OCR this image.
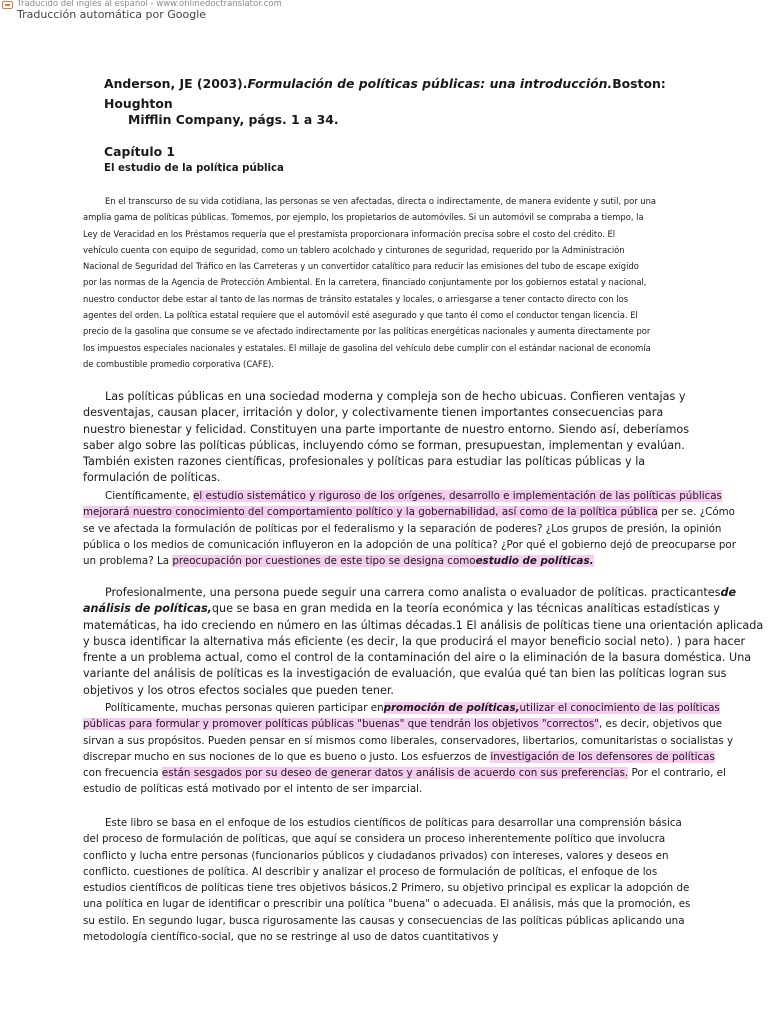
Traducido del inglés al español - www.onlinedoctranslator.com
Traducción automática por Google
Anderson, JE (2003).Formulación de políticas públicas: una introducción.Boston: Houghton
Mifflin Company, págs. 1 a 34.
Capítulo 1
El estudio de la política pública
En el transcurso de su vida cotidiana, las personas se ven afectadas, directa o indirectamente, de manera evidente y sutil, por una
amplia gama de políticas públicas. Tomemos, por ejemplo, los propietarios de automóviles. Si un automóvil se compraba a tiempo, la
Ley de Veracidad en los Préstamos requería que el prestamista proporcionara información precisa sobre el costo del crédito. El
vehículo cuenta con equipo de seguridad, como un tablero acolchado y cinturones de seguridad, requerido por la Administración
Nacional de Seguridad del Tráfico en las Carreteras y un convertidor catalítico para reducir las emisiones del tubo de escape exigido
por las normas de la Agencia de Protección Ambiental. En la carretera, financiado conjuntamente por los gobiernos estatal y nacional,
nuestro conductor debe estar al tanto de las normas de tránsito estatales y locales, o arriesgarse a tener contacto directo con los
agentes del orden. La política estatal requiere que el automóvil esté asegurado y que tanto él como el conductor tengan licencia. El
precio de la gasolina que consume se ve afectado indirectamente por las políticas energéticas nacionales y aumenta directamente por
los impuestos especiales nacionales y estatales. El millaje de gasolina del vehículo debe cumplir con el estándar nacional de economía
de combustible promedio corporativa (CAFE).
Las políticas públicas en una sociedad moderna y compleja son de hecho ubicuas. Confieren ventajas y
desventajas, causan placer, irritación y dolor, y colectivamente tienen importantes consecuencias para
nuestro bienestar y felicidad. Constituyen una parte importante de nuestro entorno. Siendo así, deberíamos
saber algo sobre las políticas públicas, incluyendo cómo se forman, presupuestan, implementan y evalúan.
También existen razones científicas, profesionales y políticas para estudiar las políticas públicas y la
formulación de políticas.
Científicamente, el estudio sistemático y riguroso de los orígenes, desarrollo e implementación de las políticas públicas
mejorará nuestro conocimiento del comportamiento político y la gobernabilidad, así como de la política pública per se. ¿Cómo
se ve afectada la formulación de políticas por el federalismo y la separación de poderes? ¿Los grupos de presión, la opinión
pública o los medios de comunicación influyeron en la adopción de una política? ¿Por qué el gobierno dejó de preocuparse por
un problema? La preocupación por cuestiones de este tipo se designa comoestudio de políticas.
Profesionalmente, una persona puede seguir una carrera como analista o evaluador de políticas. practicantesde
análisis de políticas,que se basa en gran medida en la teoría económica y las técnicas analíticas estadísticas y
matemáticas, ha ido creciendo en número en las últimas décadas.1 El análisis de políticas tiene una orientación aplicada
y busca identificar la alternativa más eficiente (es decir, la que producirá el mayor beneficio social neto). ) para hacer
frente a un problema actual, como el control de la contaminación del aire o la eliminación de la basura doméstica. Una
variante del análisis de políticas es la investigación de evaluación, que evalúa qué tan bien las políticas logran sus
objetivos y los otros efectos sociales que pueden tener.
Políticamente, muchas personas quieren participar enpromoción de políticas,utilizar el conocimiento de las políticas
públicas para formular y promover políticas públicas "buenas" que tendrán los objetivos "correctos", es decir, objetivos que
sirvan a sus propósitos. Pueden pensar en sí mismos como liberales, conservadores, libertarios, comunitaristas o socialistas y
discrepar mucho en sus nociones de lo que es bueno o justo. Los esfuerzos de investigación de los defensores de políticas
con frecuencia están sesgados por su deseo de generar datos y análisis de acuerdo con sus preferencias. Por el contrario, el
estudio de políticas está motivado por el intento de ser imparcial.
Este libro se basa en el enfoque de los estudios científicos de políticas para desarrollar una comprensión básica
del proceso de formulación de políticas, que aquí se considera un proceso inherentemente político que involucra
conflicto y lucha entre personas (funcionarios públicos y ciudadanos privados) con intereses, valores y deseos en
conflicto. cuestiones de política. Al describir y analizar el proceso de formulación de políticas, el enfoque de los
estudios científicos de políticas tiene tres objetivos básicos.2 Primero, su objetivo principal es explicar la adopción de
una política en lugar de identificar o prescribir una política "buena" o adecuada. El análisis, más que la promoción, es
su estilo. En segundo lugar, busca rigurosamente las causas y consecuencias de las políticas públicas aplicando una
metodología científico-social, que no se restringe al uso de datos cuantitativos y
